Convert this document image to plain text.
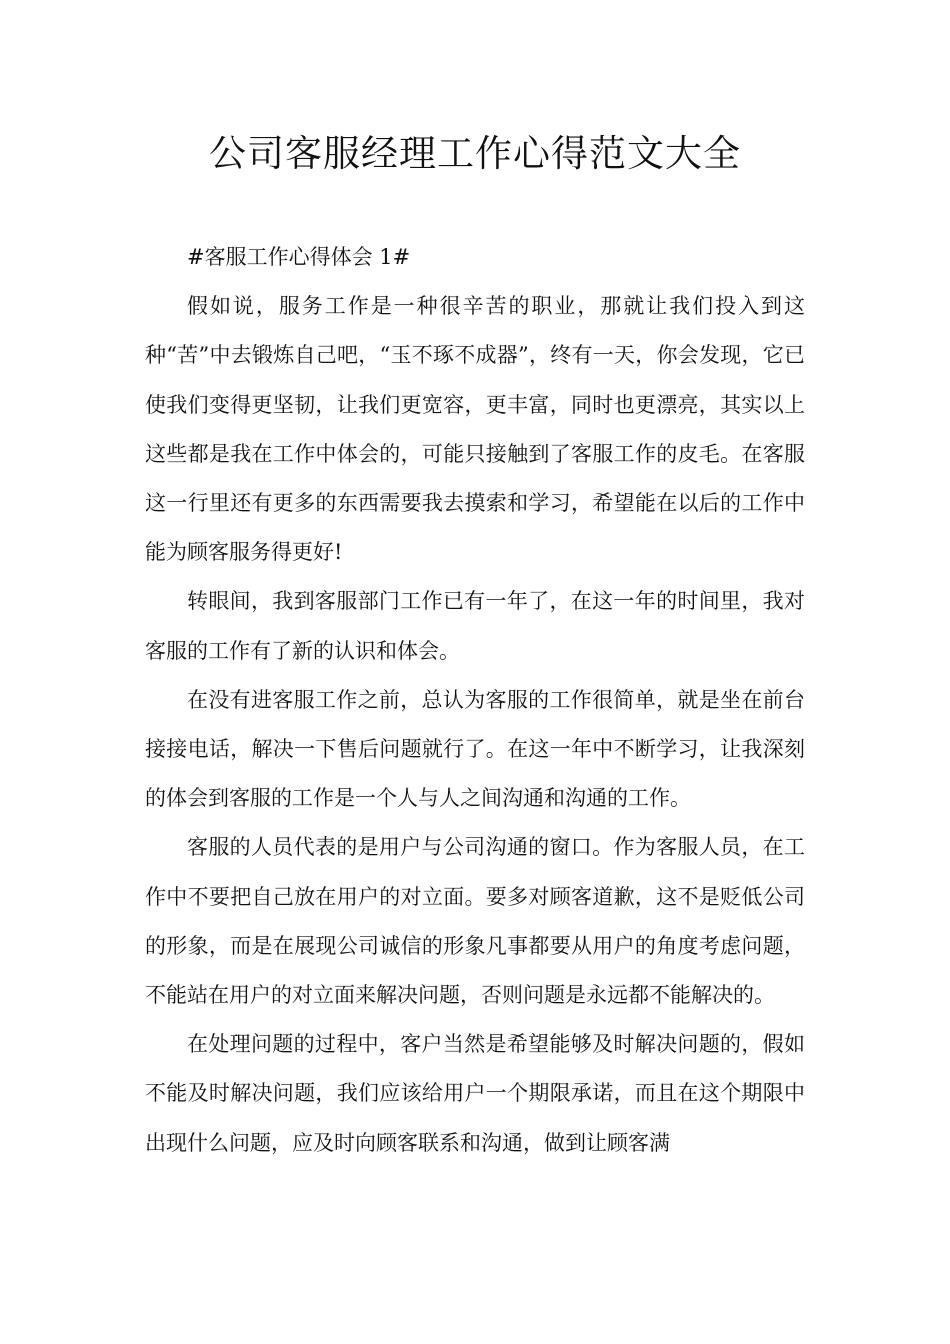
公司客服经理工作心得范文大全

#客服工作心得体会 1#

假如说，服务工作是一种很辛苦的职业，那就让我们投入到这种“苦”中去锻炼自己吧，“玉不琢不成器”，终有一天，你会发现，它已使我们变得更坚韧，让我们更宽容，更丰富，同时也更漂亮，其实以上这些都是我在工作中体会的，可能只接触到了客服工作的皮毛。在客服这一行里还有更多的东西需要我去摸索和学习，希望能在以后的工作中能为顾客服务得更好!

转眼间，我到客服部门工作已有一年了，在这一年的时间里，我对客服的工作有了新的认识和体会。

在没有进客服工作之前，总认为客服的工作很简单，就是坐在前台接接电话，解决一下售后问题就行了。在这一年中不断学习，让我深刻的体会到客服的工作是一个人与人之间沟通和沟通的工作。

客服的人员代表的是用户与公司沟通的窗口。作为客服人员，在工作中不要把自己放在用户的对立面。要多对顾客道歉，这不是贬低公司的形象，而是在展现公司诚信的形象凡事都要从用户的角度考虑问题，不能站在用户的对立面来解决问题，否则问题是永远都不能解决的。

在处理问题的过程中，客户当然是希望能够及时解决问题的，假如不能及时解决问题，我们应该给用户一个期限承诺，而且在这个期限中出现什么问题，应及时向顾客联系和沟通，做到让顾客满
